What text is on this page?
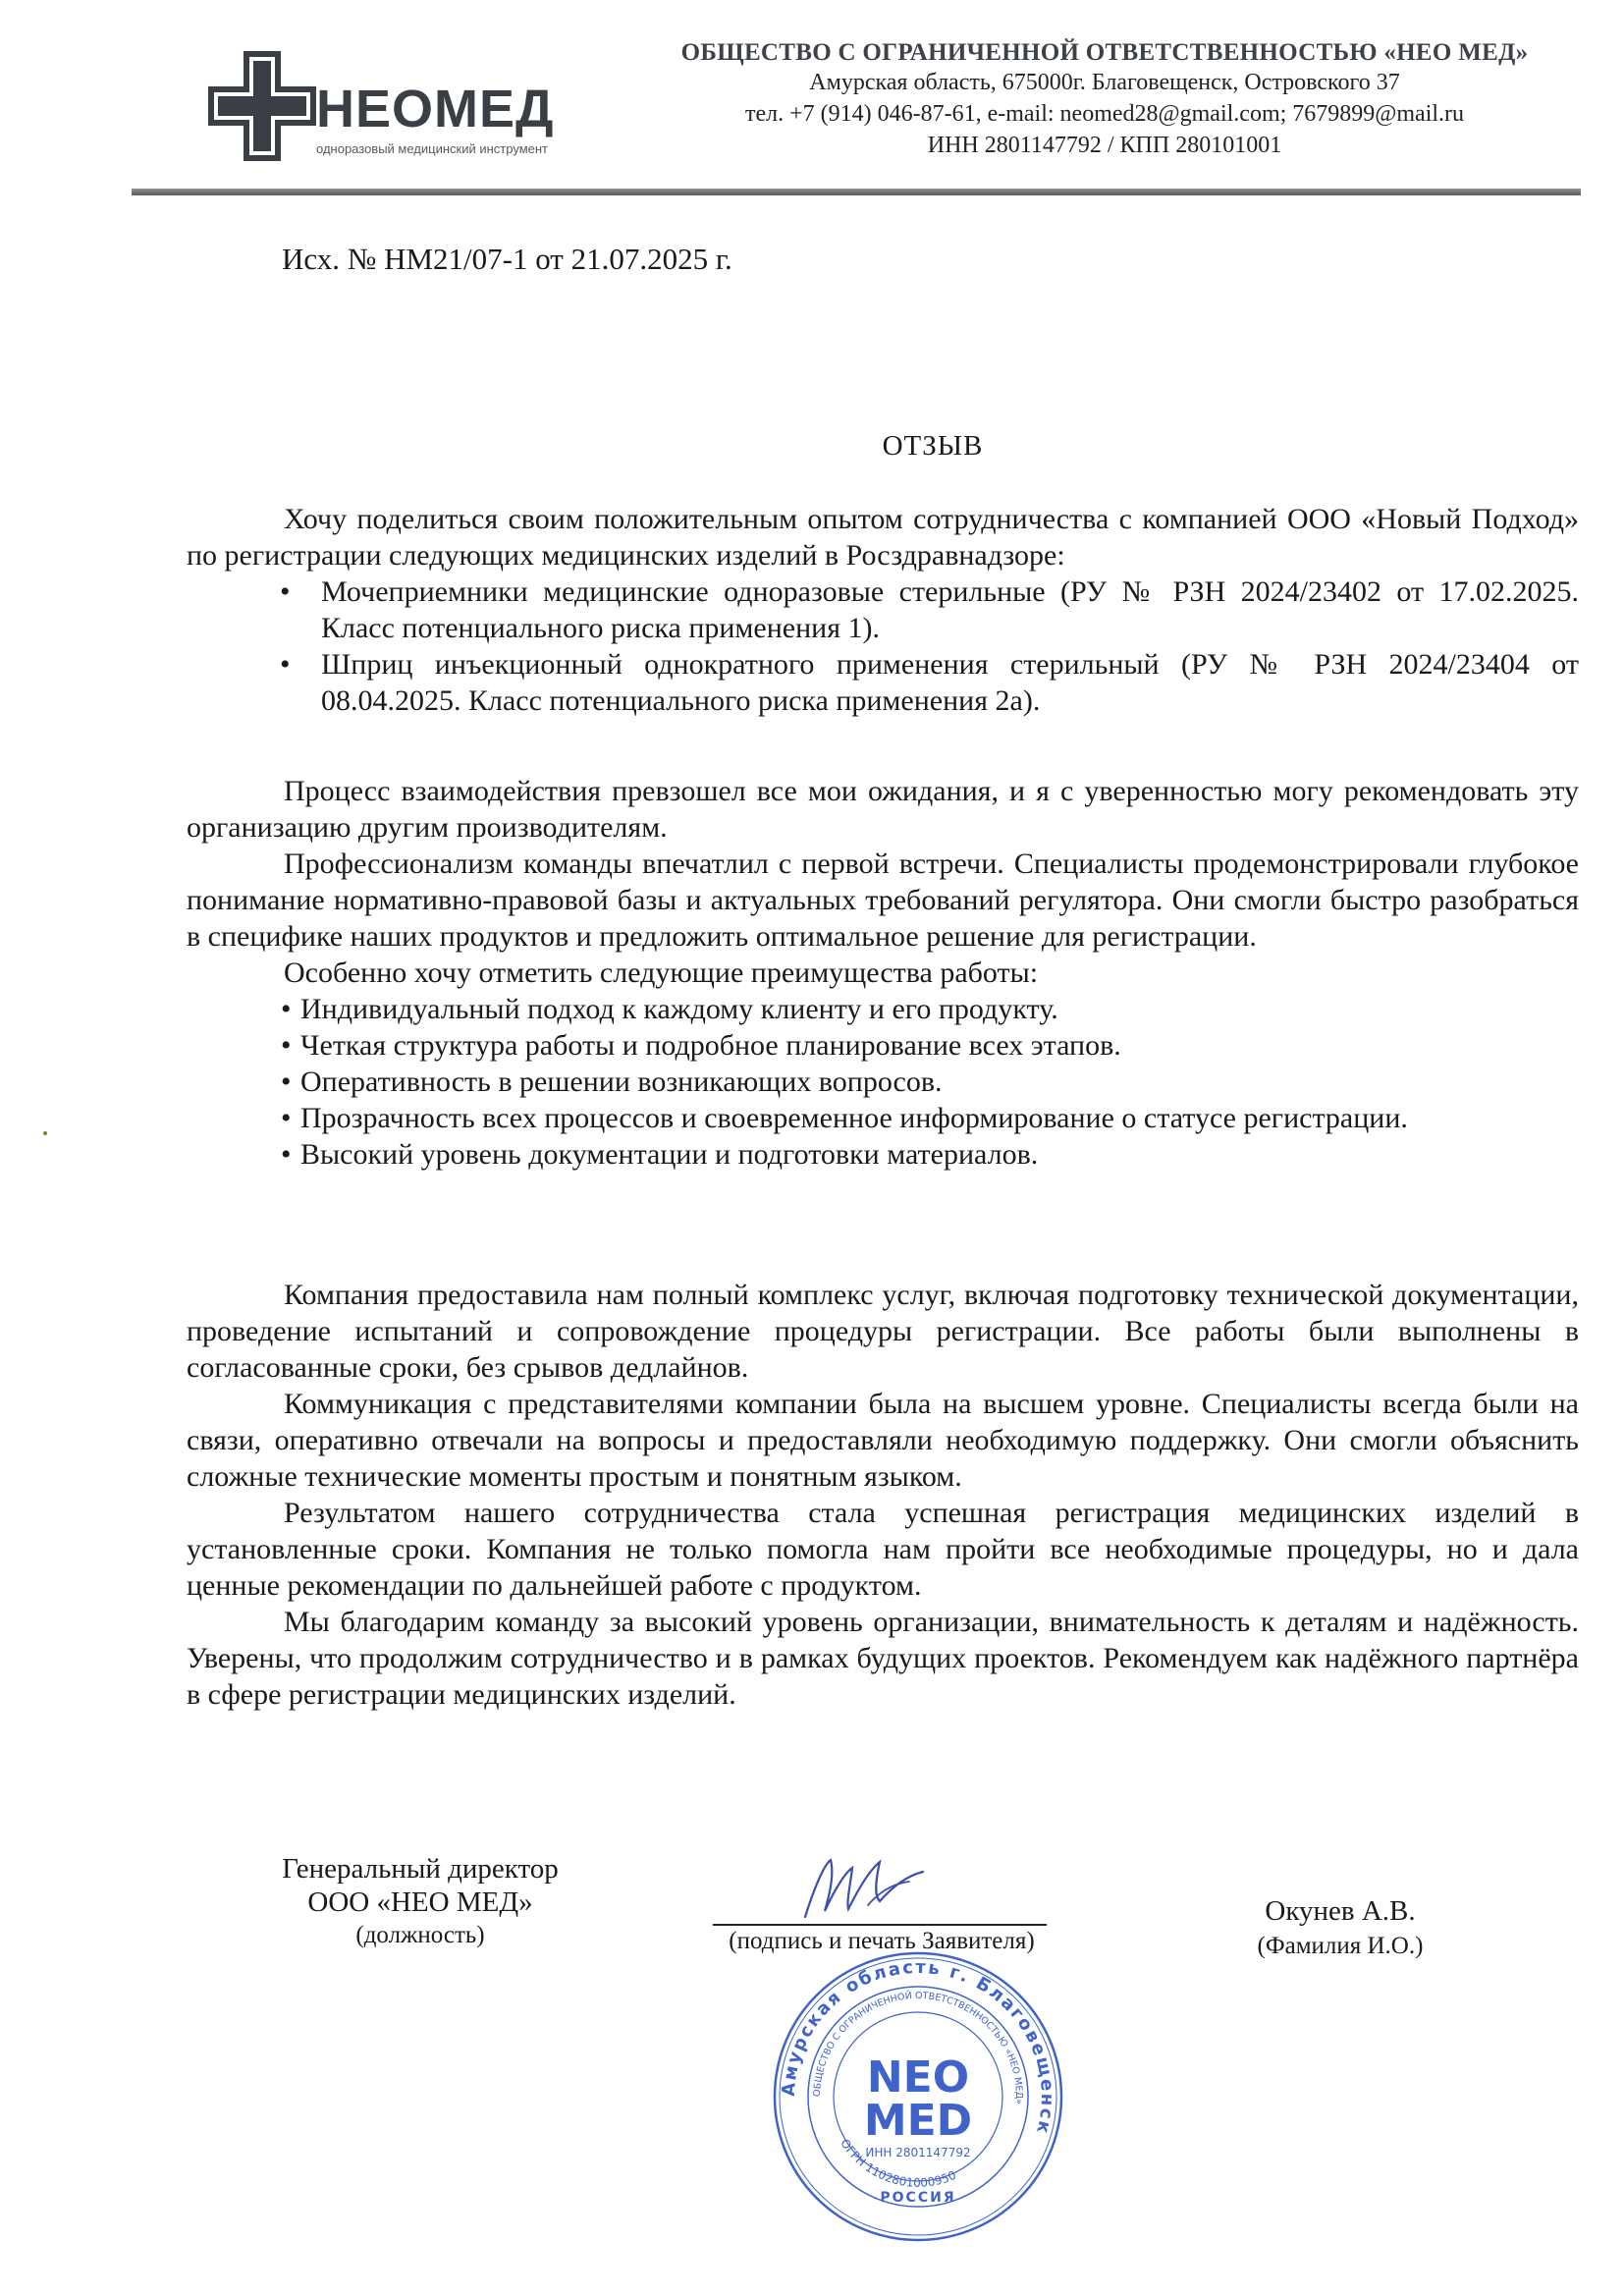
НЕОМЕД
одноразовый медицинский инструмент
ОБЩЕСТВО С ОГРАНИЧЕННОЙ ОТВЕТСТВЕННОСТЬЮ «НЕО МЕД»
Амурская область, 675000г. Благовещенск, Островского 37
тел. +7 (914) 046-87-61, e-mail: neomed28@gmail.com; 7679899@mail.ru
ИНН 2801147792 / КПП 280101001
Исх. № НМ21/07-1 от 21.07.2025 г.
ОТЗЫВ

Хочу поделиться своим положительным опытом сотрудничества с компанией ООО «Новый Подход» по регистрации следующих медицинских изделий в Росздравнадзоре:

• Мочеприемники медицинские одноразовые стерильные (РУ № РЗН 2024/23402 от 17.02.2025. Класс потенциального риска применения 1).
• Шприц инъекционный однократного применения стерильный (РУ № РЗН 2024/23404 от 08.04.2025. Класс потенциального риска применения 2а).

Процесс взаимодействия превзошел все мои ожидания, и я с уверенностью могу рекомендовать эту организацию другим производителям.

Профессионализм команды впечатлил с первой встречи. Специалисты продемонстрировали глубокое понимание нормативно-правовой базы и актуальных требований регулятора. Они смогли быстро разобраться в специфике наших продуктов и предложить оптимальное решение для регистрации.

Особенно хочу отметить следующие преимущества работы:

• Индивидуальный подход к каждому клиенту и его продукту.
• Четкая структура работы и подробное планирование всех этапов.
• Оперативность в решении возникающих вопросов.
• Прозрачность всех процессов и своевременное информирование о статусе регистрации.
• Высокий уровень документации и подготовки материалов.

Компания предоставила нам полный комплекс услуг, включая подготовку технической документации, проведение испытаний и сопровождение процедуры регистрации. Все работы были выполнены в согласованные сроки, без срывов дедлайнов.

Коммуникация с представителями компании была на высшем уровне. Специалисты всегда были на связи, оперативно отвечали на вопросы и предоставляли необходимую поддержку. Они смогли объяснить сложные технические моменты простым и понятным языком.

Результатом нашего сотрудничества стала успешная регистрация медицинских изделий в установленные сроки. Компания не только помогла нам пройти все необходимые процедуры, но и дала ценные рекомендации по дальнейшей работе с продуктом.

Мы благодарим команду за высокий уровень организации, внимательность к деталям и надёжность. Уверены, что продолжим сотрудничество и в рамках будущих проектов. Рекомендуем как надёжного партнёра в сфере регистрации медицинских изделий.

Генеральный директор
ООО «НЕО МЕД»
(должность)	(подпись и печать Заявителя)
Окунев А.В.
(Фамилия И.О.)
Амурская область г. Благовещенск
ОБЩЕСТВО С ОГРАНИЧЕННОЙ ОТВЕТСТВЕННОСТЬЮ «НЕО МЕД»
NEO
MED
ИНН 2801147792
ОГРН 1102801000950
РОССИЯ
